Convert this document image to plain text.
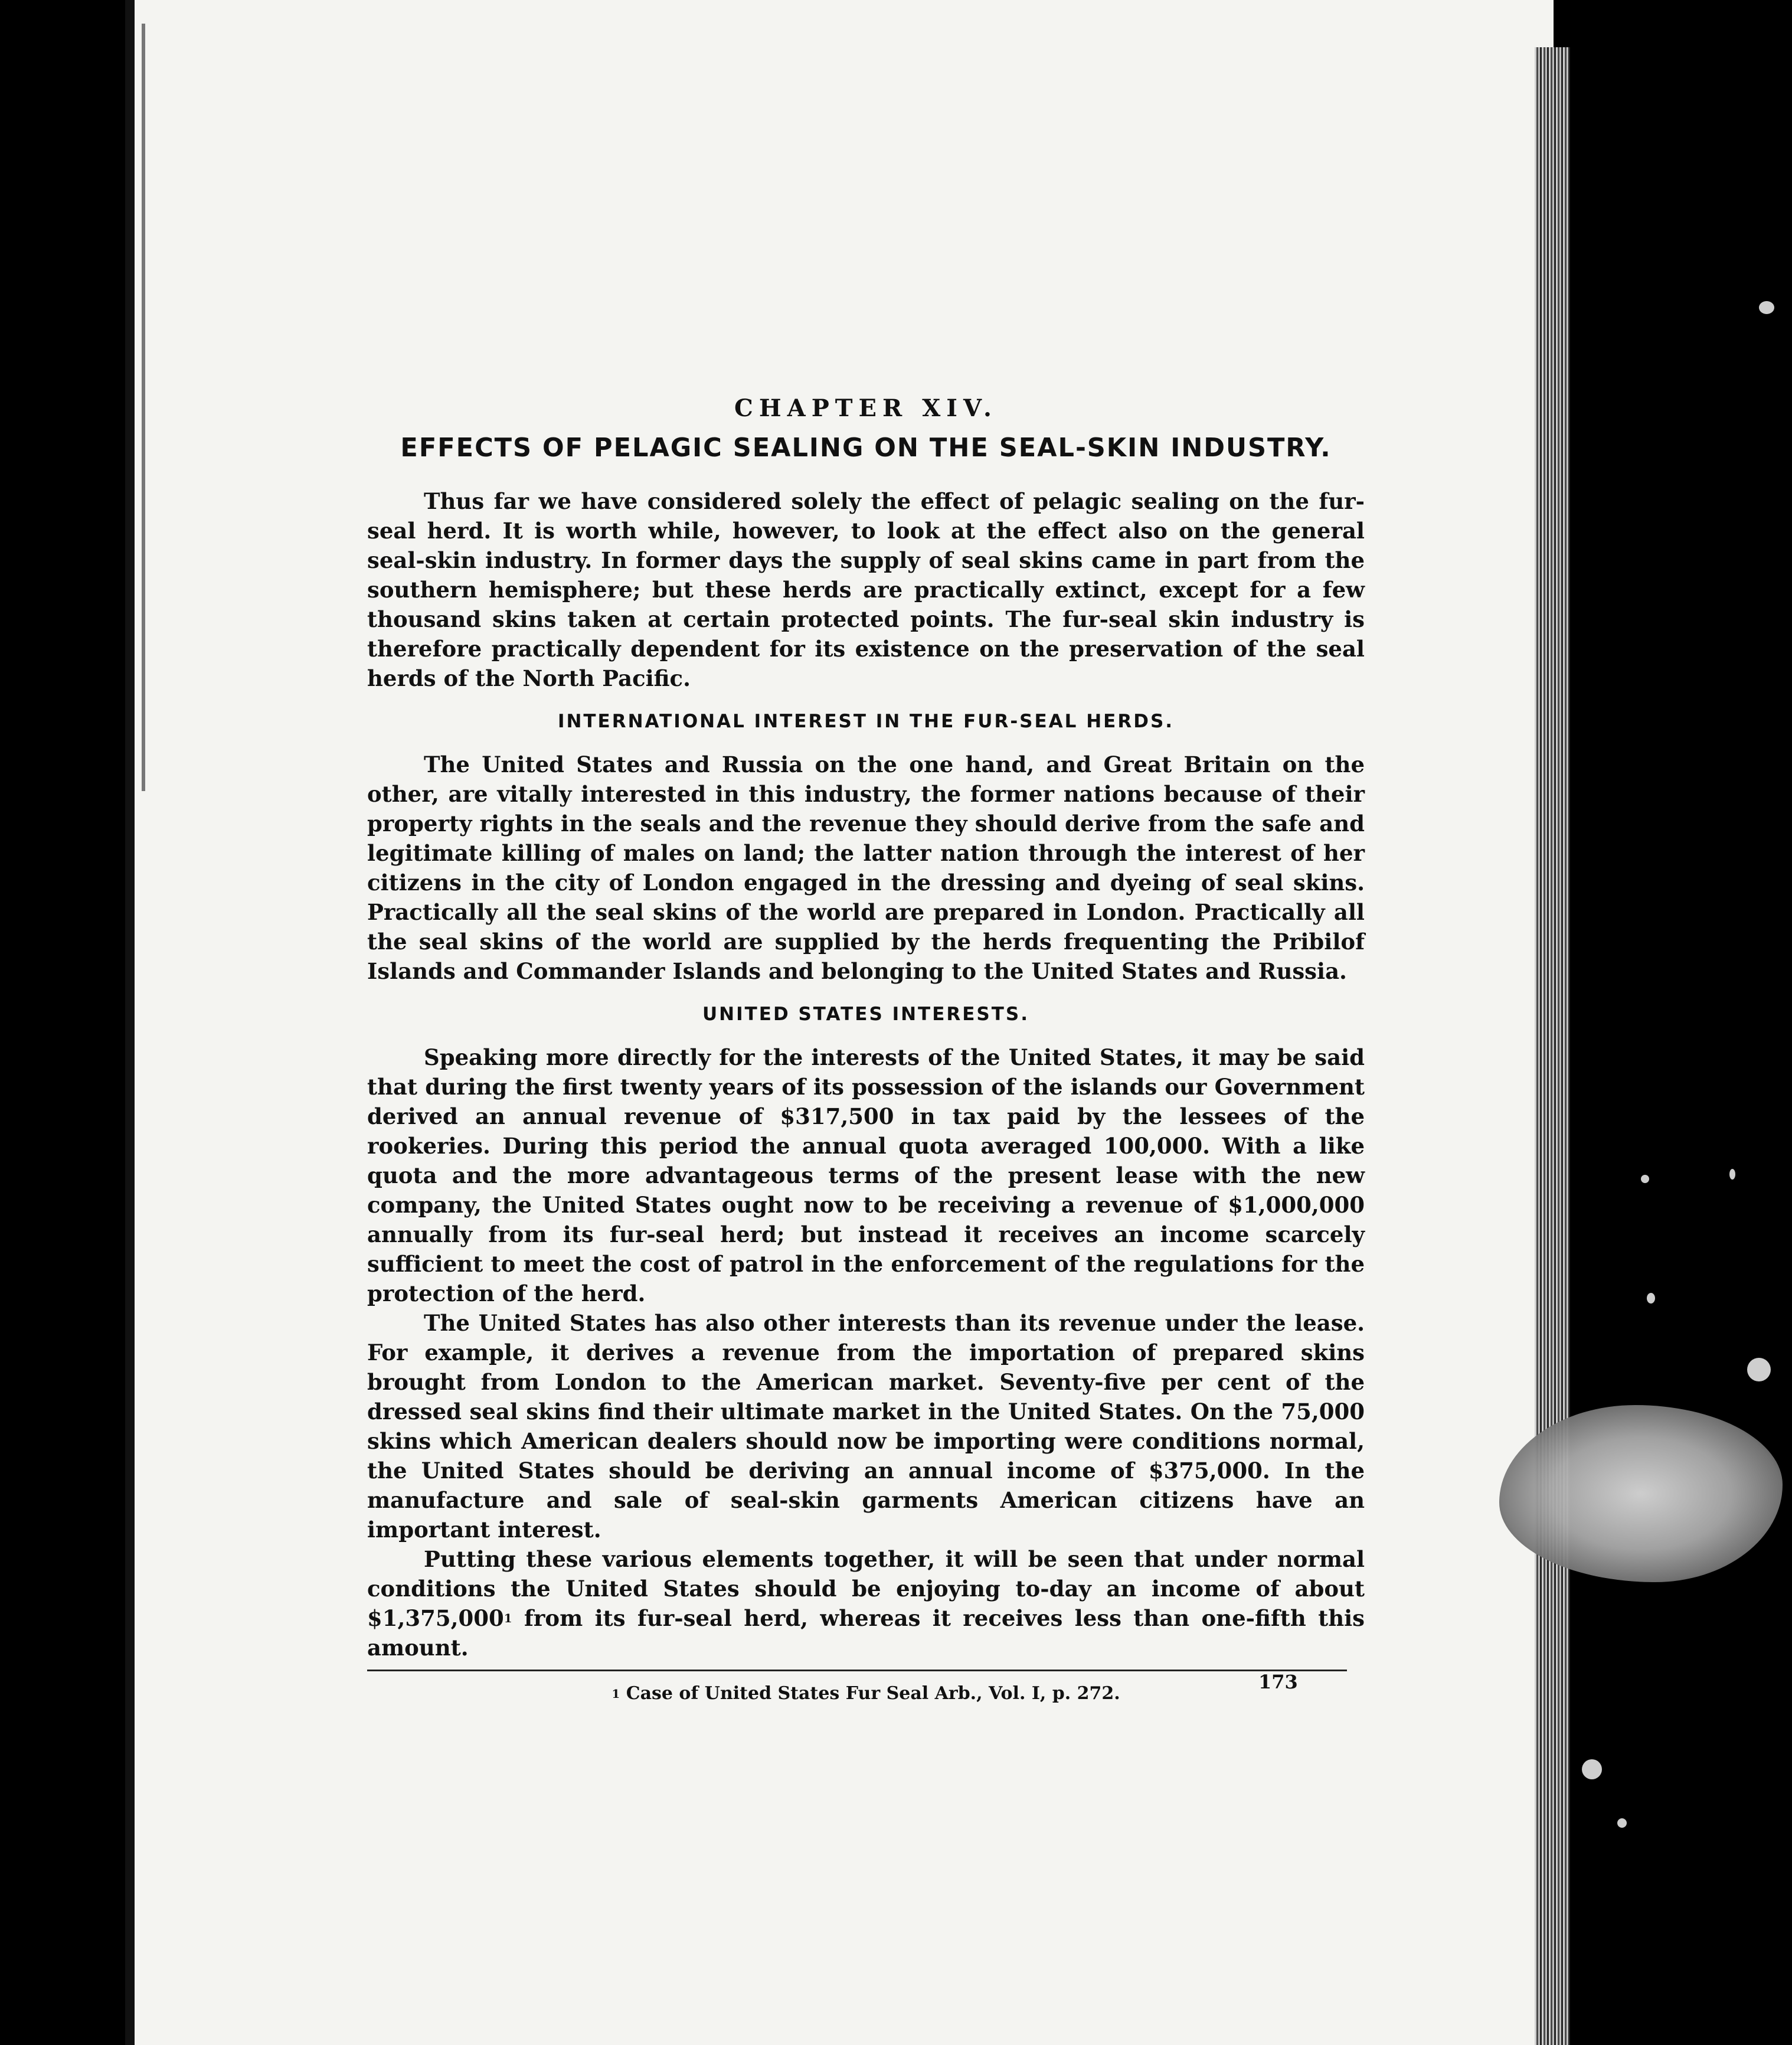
CHAPTER XIV.
EFFECTS OF PELAGIC SEALING ON THE SEAL-SKIN INDUSTRY.

Thus far we have considered solely the effect of pelagic sealing on the fur-seal herd. It is worth while, however, to look at the effect also on the general seal-skin industry. In former days the supply of seal skins came in part from the southern hemisphere; but these herds are practically extinct, except for a few thousand skins taken at certain protected points. The fur-seal skin industry is therefore practically dependent for its existence on the preservation of the seal herds of the North Pacific.

INTERNATIONAL INTEREST IN THE FUR-SEAL HERDS.

The United States and Russia on the one hand, and Great Britain on the other, are vitally interested in this industry, the former nations because of their property rights in the seals and the revenue they should derive from the safe and legitimate killing of males on land; the latter nation through the interest of her citizens in the city of London engaged in the dressing and dyeing of seal skins. Practically all the seal skins of the world are prepared in London. Practically all the seal skins of the world are supplied by the herds frequenting the Pribilof Islands and Commander Islands and belonging to the United States and Russia.

UNITED STATES INTERESTS.

Speaking more directly for the interests of the United States, it may be said that during the first twenty years of its possession of the islands our Government derived an annual revenue of $317,500 in tax paid by the lessees of the rookeries. During this period the annual quota averaged 100,000. With a like quota and the more advantageous terms of the present lease with the new company, the United States ought now to be receiving a revenue of $1,000,000 annually from its fur-seal herd; but instead it receives an income scarcely sufficient to meet the cost of patrol in the enforcement of the regulations for the protection of the herd.

The United States has also other interests than its revenue under the lease. For example, it derives a revenue from the importation of prepared skins brought from London to the American market. Seventy-five per cent of the dressed seal skins find their ultimate market in the United States. On the 75,000 skins which American dealers should now be importing were conditions normal, the United States should be deriving an annual income of $375,000. In the manufacture and sale of seal-skin garments American citizens have an important interest.

Putting these various elements together, it will be seen that under normal conditions the United States should be enjoying to-day an income of about $1,375,000$^1$ from its fur-seal herd, whereas it receives less than one-fifth this amount.

$^1$ Case of United States Fur Seal Arb., Vol. I, p. 272.
173
